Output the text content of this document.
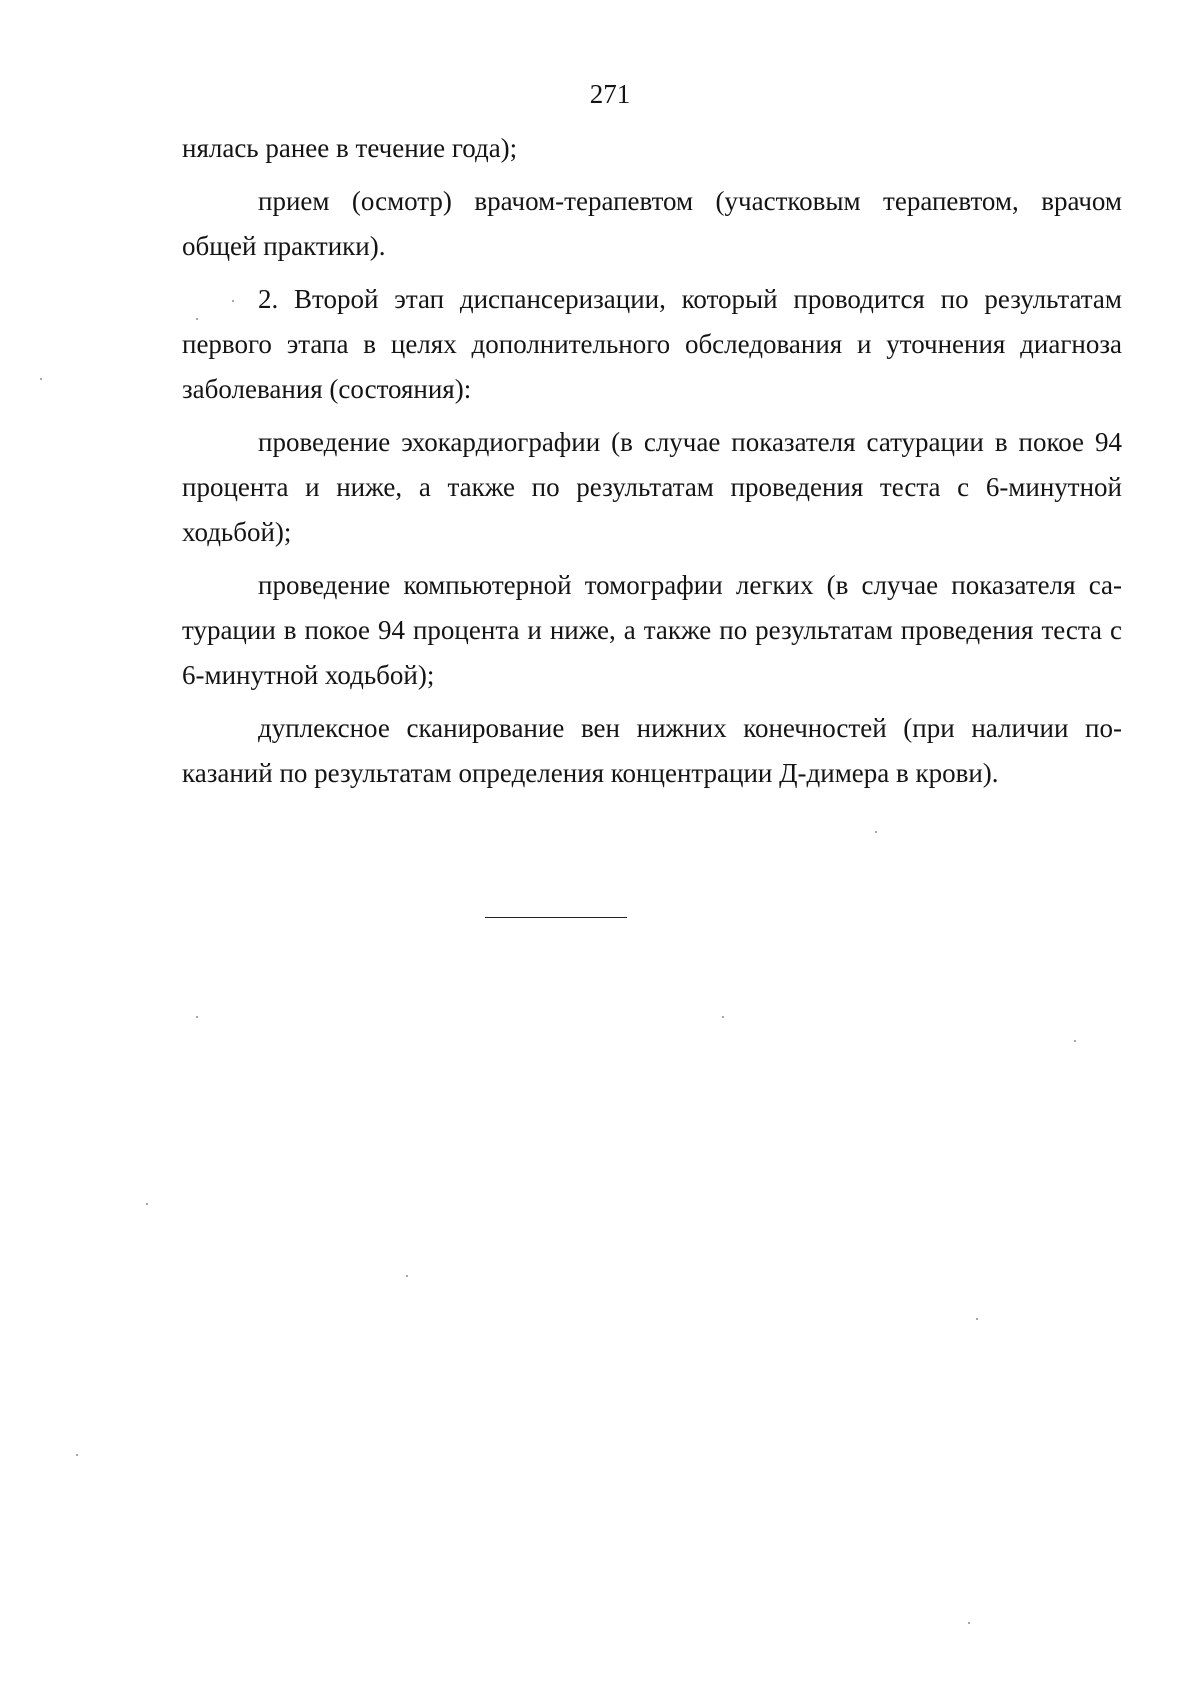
271

нялась ранее в течение года);

прием (осмотр) врачом-терапевтом (участковым терапевтом, врачом общей практики).

2. Второй этап диспансеризации, который проводится по результатам первого этапа в целях дополнительного обследования и уточнения диагноза заболевания (состояния):

проведение эхокардиографии (в случае показателя сатурации в покое 94 процента и ниже, а также по результатам проведения теста с 6-минутной ходьбой);

проведение компьютерной томографии легких (в случае показателя сатурации в покое 94 процента и ниже, а также по результатам проведения теста с 6-минутной ходьбой);

дуплексное сканирование вен нижних конечностей (при наличии показаний по результатам определения концентрации Д-димера в крови).
